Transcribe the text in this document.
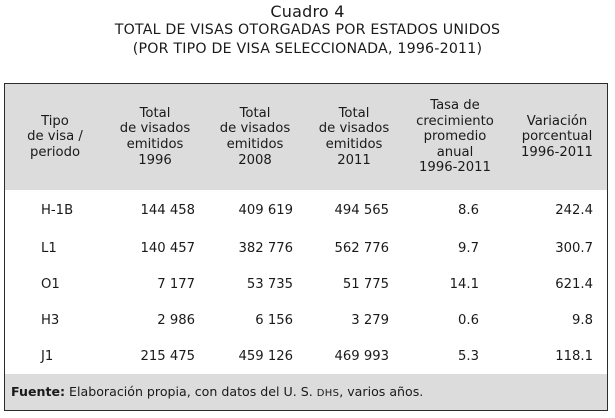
Cuadro 4
TOTAL DE VISAS OTORGADAS POR ESTADOS UNIDOS
(POR TIPO DE VISA SELECCIONADA, 1996-2011)
Tipo
de visa /
periodo	Total
de visados
emitidos
1996	Total
de visados
emitidos
2008	Total
de visados
emitidos
2011	Tasa de
crecimiento
promedio
anual
1996-2011	Variación
porcentual
1996-2011

H-1B	144 458	409 619	494 565	8.6	242.4
L1	140 457	382 776	562 776	9.7	300.7
O1	7 177	53 735	51 775	14.1	621.4
H3	2 986	6 156	3 279	0.6	9.8
J1	215 475	459 126	469 993	5.3	118.1
Fuente: Elaboración propia, con datos del U. S. DHS, varios años.
